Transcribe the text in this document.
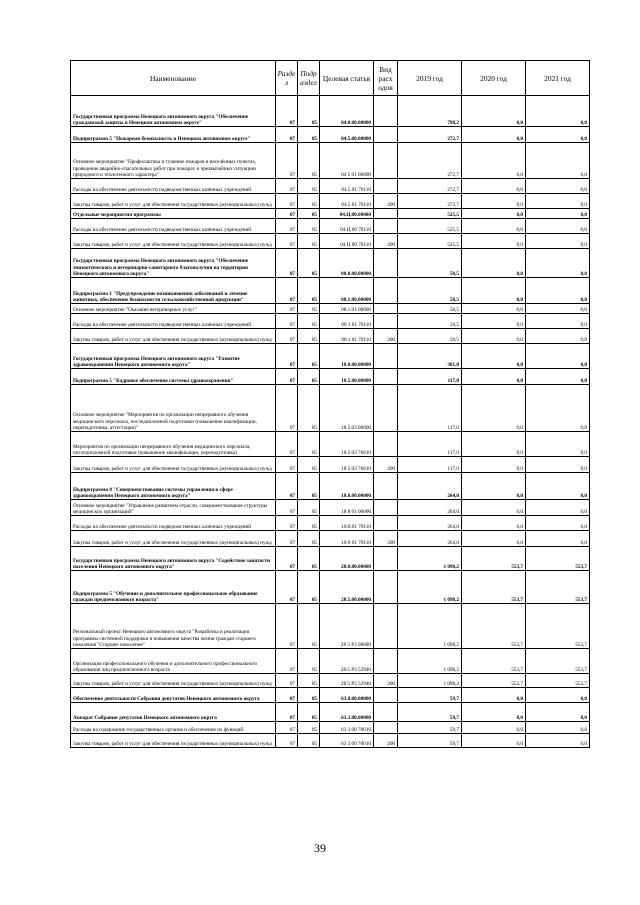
Наименование	Разде л	Подр аздел	Целевая статья	Вид расх одов	2019 год	2020 год	2021 год
Государственная программа Ненецкого автономного округа "Обеспечение гражданской защиты в Ненецком автономном округе"	07	05	04.0.00.00000		798,2	0,0	0,0
Подпрограмма 5 "Пожарная безопасность в Ненецком автономном округе"	07	05	04.5.00.00000		272,7	0,0	0,0
Основное мероприятие "Профилактика и тушение пожаров в населённых пунктах, проведение аварийно-спасательных работ при пожарах и чрезвычайных ситуациях природного и техногенного характера"	07	05	04 5 01 00000		272,7	0,0	0,0
Расходы на обеспечение деятельности подведомственных казённых учреждений	07	05	04.5 01 70110		272,7	0,0	0,0
Закупка товаров, работ и услуг для обеспечения государственных (муниципальных) нужд	07	05	04.5 01 70110	200	272,7	0,0	0,0
Отдельные мероприятия программы	07	05	04.Ц.00.00000		525,5	0,0	0,0
Расходы на обеспечение деятельности подведомственных казённых учреждений	07	05	04.Ц 00 70110		525,5	0,0	0,0
Закупка товаров, работ и услуг для обеспечения государственных (муниципальных) нужд	07	05	04 Ц 00 70110	200	525,5	0,0	0,0
Государственная программа Ненецкого автономного округа "Обеспечение эпизоотического и ветеринарно-санитарного благополучия на территории Ненецкого автономного округа"	07	05	08.0.00.00000		58,5	0,0	0,0
Подпрограмма 1 "Предупреждение возникновения заболеваний и лечение животных, обеспечение безопасности сельскохозяйственной продукции"	07	05	08.1.00.00000		58,5	0,0	0,0
Основное мероприятие "Оказание ветеринарных услуг"	07	05	08.1.01 00000		58,5	0,0	0,0
Расходы на обеспечение деятельности подведомственных казённых учреждений	07	05	08 1 01 70110		58,5	0,0	0,0
Закупка товаров, работ и услуг для обеспечения государственных (муниципальных) нужд	07	05	08.1 01 70110	200	58,5	0,0	0,0
Государственная программа Ненецкого автономного округа "Развитие здравоохранения Ненецкого автономного округа"	07	05	18.0.00.00000		381,0	0,0	0,0
Подпрограмма 5 "Кадровое обеспечение системы здравоохранения"	07	05	18.5.00.00000		117,0	0,0	0,0
Основное мероприятие "Мероприятия по организации непрерывного обучения медицинского персонала, последипломной подготовки (повышение квалификации, переподготовка, аттестация)"	07	05	18 5.03.00000		117,0	0,0	0,0
Мероприятия по организации непрерывного обучения медицинского персонала, последипломной подготовки (повышение квалификации, переподготовка)	07	05	18.5 03 76610		117,0	0,0	0,0
Закупка товаров, работ и услуг для обеспечения государственных (муниципальных) нужд	07	05	18 5 03 76610	200	117,0	0,0	0,0
Подпрограмма 8 "Совершенствование системы управления в сфере здравоохранения Ненецкого автономного округа"	07	05	18.8.00.00000		264,0	0,0	0,0
Основное мероприятие "Управление развитием отрасли, совершенствование структуры медицинских организаций"	07	05	18 8 01 00000		264,0	0,0	0,0
Расходы на обеспечение деятельности подведомственных казённых учреждений	07	05	18.8.01 70110		264,0	0,0	0,0
Закупка товаров, работ и услуг для обеспечения государственных (муниципальных) нужд	07	05	18 8 01 70110	200	264,0	0,0	0,0
Государственная программа Ненецкого автономного округа "Содействие занятости населения Ненецкого автономного округа"	07	05	28.0.00.00000		1 098,2	553,7	553,7
Подпрограмма 5 "Обучение и дополнительное профессиональное образование граждан предпенсионного возраста"	07	05	28.5.00.00000		1 098,2	553,7	553,7
Региональный проект Ненецкого автономного округа "Разработка и реализация программы системной поддержки и повышения качества жизни граждан старшего поколения "Старшее поколение"	07	05	28 5 P3 00000		1 098,2	553,7	553,7
Организация профессионального обучения и дополнительного профессионального образования лиц предпенсионного возраста	07	05	28.5 P3 52940		1 098,2	553,7	553,7
Закупка товаров, работ и услуг для обеспечения государственных (муниципальных) нужд	07	05	28 5 P3 52940	200	1 098,2	553,7	553,7
Обеспечение деятельности Собрания депутатов Ненецкого автономного округа	07	05	63.0.00.00000		59,7	0,0	0,0
Аппарат Собрания депутатов Ненецкого автономного округа	07	05	63.3.00.00000		59,7	0,0	0,0
Расходы на содержание государственных органов и обеспечение их функций	07	05	63 3 00 70010		59,7	0,0	0,0
Закупка товаров, работ и услуг для обеспечения государственных (муниципальных) нужд	07	05	63 3 00 70010	200	59,7	0,0	0,0
39
